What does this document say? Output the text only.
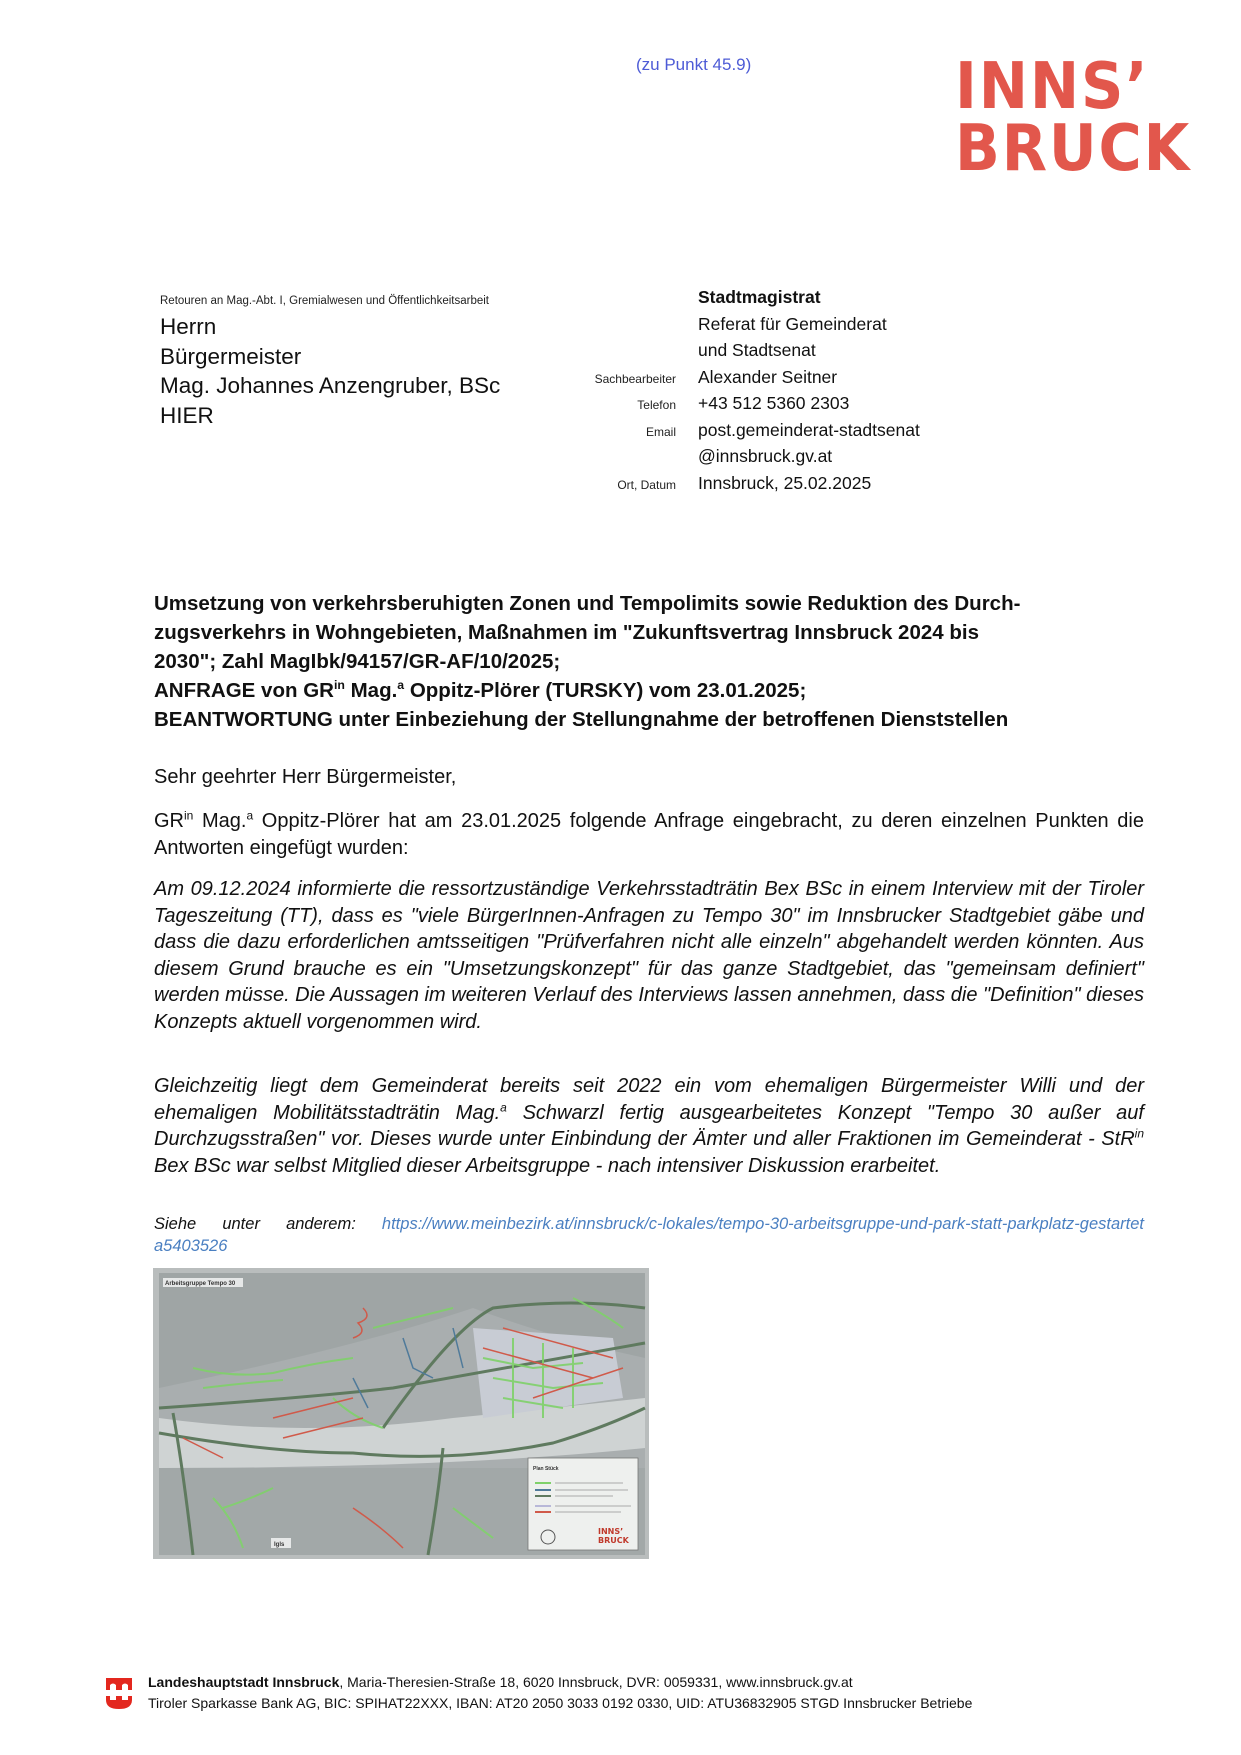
(zu Punkt 45.9)	INNS’
BRUCK
Retouren an Mag.-Abt. I, Gremialwesen und Öffentlichkeitsarbeit
Herrn
Bürgermeister
Mag. Johannes Anzengruber, BSc
HIER
Stadtmagistrat
Referat für Gemeinderat
und Stadtsenat
Sachbearbeiter	Alexander Seitner
Telefon	+43 512 5360 2303
Email	post.gemeinderat-stadtsenat
@innsbruck.gv.at
Ort, Datum	Innsbruck, 25.02.2025
Umsetzung von verkehrsberuhigten Zonen und Tempolimits sowie Reduktion des Durch-
zugsverkehrs in Wohngebieten, Maßnahmen im "Zukunftsvertrag Innsbruck 2024 bis
2030"; Zahl MagIbk/94157/GR-AF/10/2025;
ANFRAGE von $GR^{in}$ Mag.$^a$ Oppitz-Plörer (TURSKY) vom 23.01.2025;
BEANTWORTUNG unter Einbeziehung der Stellungnahme der betroffenen Dienststellen
Sehr geehrter Herr Bürgermeister,
$GR^{in}$ Mag.$^a$ Oppitz-Plörer hat am 23.01.2025 folgende Anfrage eingebracht, zu deren einzelnen Punkten die Antworten eingefügt wurden:
Am 09.12.2024 informierte die ressortzuständige Verkehrsstadträtin Bex BSc in einem Interview mit der Tiroler Tageszeitung (TT), dass es "viele BürgerInnen-Anfragen zu Tempo 30" im Innsbrucker Stadtgebiet gäbe und dass die dazu erforderlichen amtsseitigen "Prüfverfahren nicht alle einzeln" abgehandelt werden könnten. Aus diesem Grund brauche es ein "Umsetzungskonzept" für das ganze Stadtgebiet, das "gemeinsam definiert" werden müsse. Die Aussagen im weiteren Verlauf des Interviews lassen annehmen, dass die "Definition" dieses Konzepts aktuell vorgenommen wird.
Gleichzeitig liegt dem Gemeinderat bereits seit 2022 ein vom ehemaligen Bürgermeister Willi und der ehemaligen Mobilitätsstadträtin Mag.$^a$ Schwarzl fertig ausgearbeitetes Konzept "Tempo 30 außer auf Durchzugsstraßen" vor. Dieses wurde unter Einbindung der Ämter und aller Fraktionen im Gemeinderat - StR$^{in}$ Bex BSc war selbst Mitglied dieser Arbeitsgruppe - nach intensiver Diskussion erarbeitet.
Siehe unter anderem: https://www.meinbezirk.at/innsbruck/c-lokales/tempo-30-arbeitsgruppe-und-park-statt-parkplatz-gestartet a5403526
Arbeitsgruppe Tempo 30
Plan Stück
INNS’
BRUCK
Igls
Landeshauptstadt Innsbruck, Maria-Theresien-Straße 18, 6020 Innsbruck, DVR: 0059331, www.innsbruck.gv.at
Tiroler Sparkasse Bank AG, BIC: SPIHAT22XXX, IBAN: AT20 2050 3033 0192 0330, UID: ATU36832905 STGD Innsbrucker Betriebe
